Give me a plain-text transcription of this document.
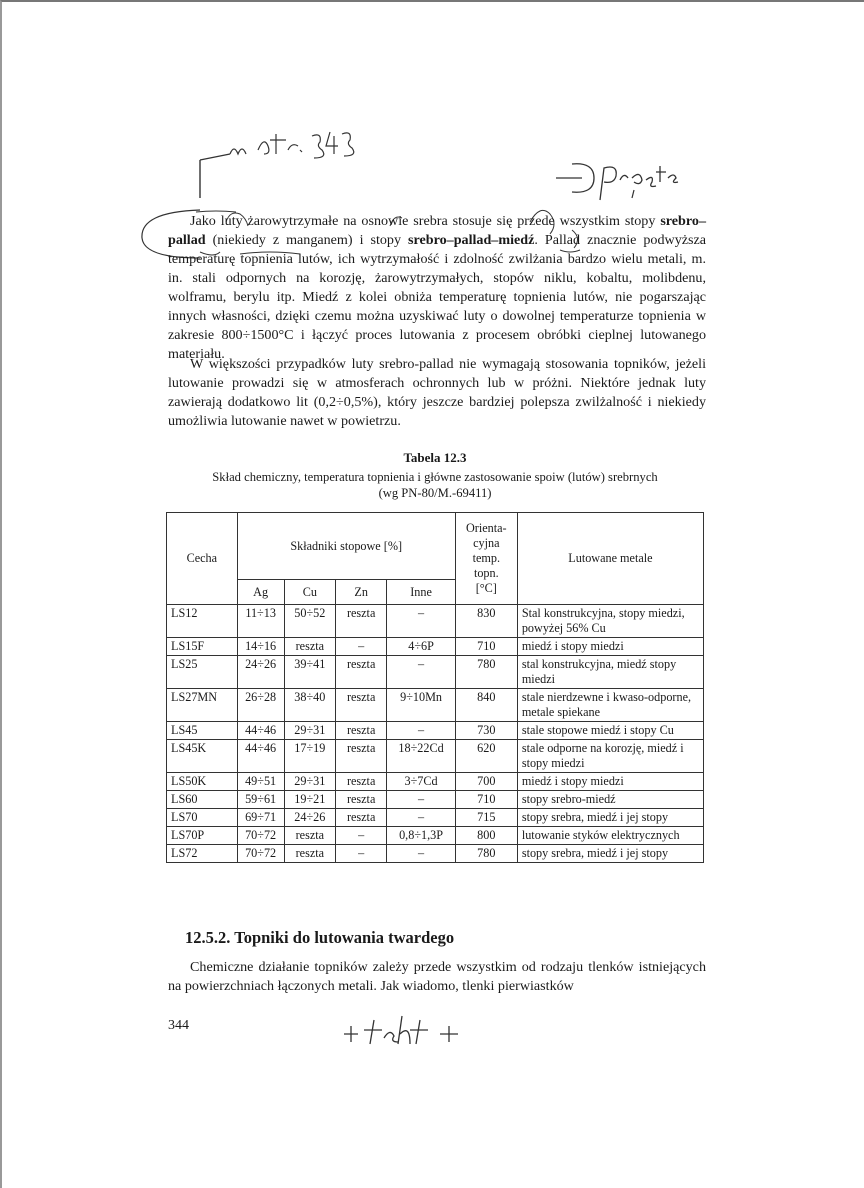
Jako luty żarowytrzymałe na osnowie srebra stosuje się przede wszystkim stopy srebro–pallad (niekiedy z manganem) i stopy srebro–pallad–miedź. Pallad znacznie podwyższa temperaturę topnienia lutów, ich wytrzymałość i zdolność zwilżania bardzo wielu metali, m. in. stali odpornych na korozję, żarowytrzymałych, stopów niklu, kobaltu, molibdenu, wolframu, berylu itp. Miedź z kolei obniża temperaturę topnienia lutów, nie pogarszając innych własności, dzięki czemu można uzyskiwać luty o dowolnej temperaturze topnienia w zakresie 800÷1500°C i łączyć proces lutowania z procesem obróbki cieplnej lutowanego materiału.

W większości przypadków luty srebro-pallad nie wymagają stosowania topników, jeżeli lutowanie prowadzi się w atmosferach ochronnych lub w próżni. Niektóre jednak luty zawierają dodatkowo lit (0,2÷0,5%), który jeszcze bardziej polepsza zwilżalność i niekiedy umożliwia lutowanie nawet w powietrzu.

Tabela 12.3
Skład chemiczny, temperatura topnienia i główne zastosowanie spoiw (lutów) srebrnych
(wg PN-80/M.-69411)
Cecha	Składniki stopowe [%]				Orienta-
cyjna
temp.
topn.
[°C]	Lutowane metale
	Ag	Cu	Zn	Inne		
LS12	11÷13	50÷52	reszta	–	830	Stal konstrukcyjna, stopy miedzi, powyżej 56% Cu
LS15F	14÷16	reszta	–	4÷6P	710	miedź i stopy miedzi
LS25	24÷26	39÷41	reszta	–	780	stal konstrukcyjna, miedź stopy miedzi
LS27MN	26÷28	38÷40	reszta	9÷10Mn	840	stale nierdzewne i kwaso-odporne, metale spiekane
LS45	44÷46	29÷31	reszta	–	730	stale stopowe miedź i stopy Cu
LS45K	44÷46	17÷19	reszta	18÷22Cd	620	stale odporne na korozję, miedź i stopy miedzi
LS50K	49÷51	29÷31	reszta	3÷7Cd	700	miedź i stopy miedzi
LS60	59÷61	19÷21	reszta	–	710	stopy srebro-miedź
LS70	69÷71	24÷26	reszta	–	715	stopy srebra, miedź i jej stopy
LS70P	70÷72	reszta	–	0,8÷1,3P	800	lutowanie styków elektrycznych
LS72	70÷72	reszta	–	–	780	stopy srebra, miedź i jej stopy
12.5.2. Topniki do lutowania twardego

Chemiczne działanie topników zależy przede wszystkim od rodzaju tlenków istniejących na powierzchniach łączonych metali. Jak wiadomo, tlenki pierwiastków

344
